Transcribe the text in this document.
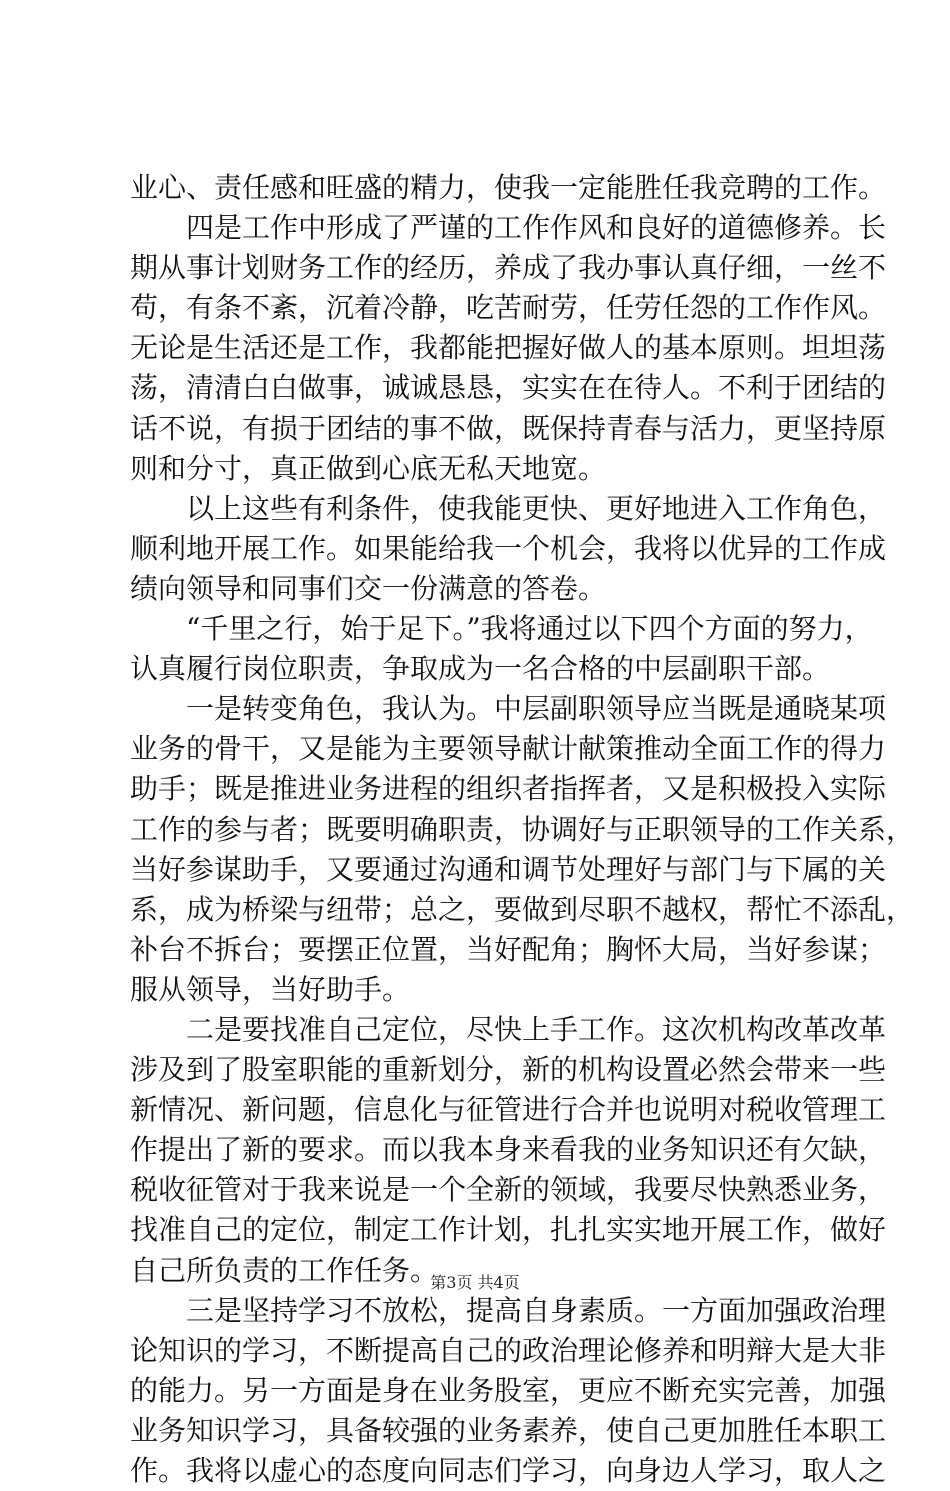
业心、责任感和旺盛的精力，使我一定能胜任我竞聘的工作。
　　四是工作中形成了严谨的工作作风和良好的道德修养。长
期从事计划财务工作的经历，养成了我办事认真仔细，一丝不
苟，有条不紊，沉着冷静，吃苦耐劳，任劳任怨的工作作风。
无论是生活还是工作，我都能把握好做人的基本原则。坦坦荡
荡，清清白白做事，诚诚恳恳，实实在在待人。不利于团结的
话不说，有损于团结的事不做，既保持青春与活力，更坚持原
则和分寸，真正做到心底无私天地宽。
　　以上这些有利条件，使我能更快、更好地进入工作角色，
顺利地开展工作。如果能给我一个机会，我将以优异的工作成
绩向领导和同事们交一份满意的答卷。
　　“千里之行，始于足下。”我将通过以下四个方面的努力，
认真履行岗位职责，争取成为一名合格的中层副职干部。
　　一是转变角色，我认为。中层副职领导应当既是通晓某项
业务的骨干，又是能为主要领导献计献策推动全面工作的得力
助手；既是推进业务进程的组织者指挥者，又是积极投入实际
工作的参与者；既要明确职责，协调好与正职领导的工作关系，
当好参谋助手，又要通过沟通和调节处理好与部门与下属的关
系，成为桥梁与纽带；总之，要做到尽职不越权，帮忙不添乱，
补台不拆台；要摆正位置，当好配角；胸怀大局，当好参谋；
服从领导，当好助手。
　　二是要找准自己定位，尽快上手工作。这次机构改革改革
涉及到了股室职能的重新划分，新的机构设置必然会带来一些
新情况、新问题，信息化与征管进行合并也说明对税收管理工
作提出了新的要求。而以我本身来看我的业务知识还有欠缺，
税收征管对于我来说是一个全新的领域，我要尽快熟悉业务，
找准自己的定位，制定工作计划，扎扎实实地开展工作，做好
自己所负责的工作任务。
　　三是坚持学习不放松，提高自身素质。一方面加强政治理
论知识的学习，不断提高自己的政治理论修养和明辩大是大非
的能力。另一方面是身在业务股室，更应不断充实完善，加强
业务知识学习，具备较强的业务素养，使自己更加胜任本职工
作。我将以虚心的态度向同志们学习，向身边人学习，取人之
第3页 共4页
